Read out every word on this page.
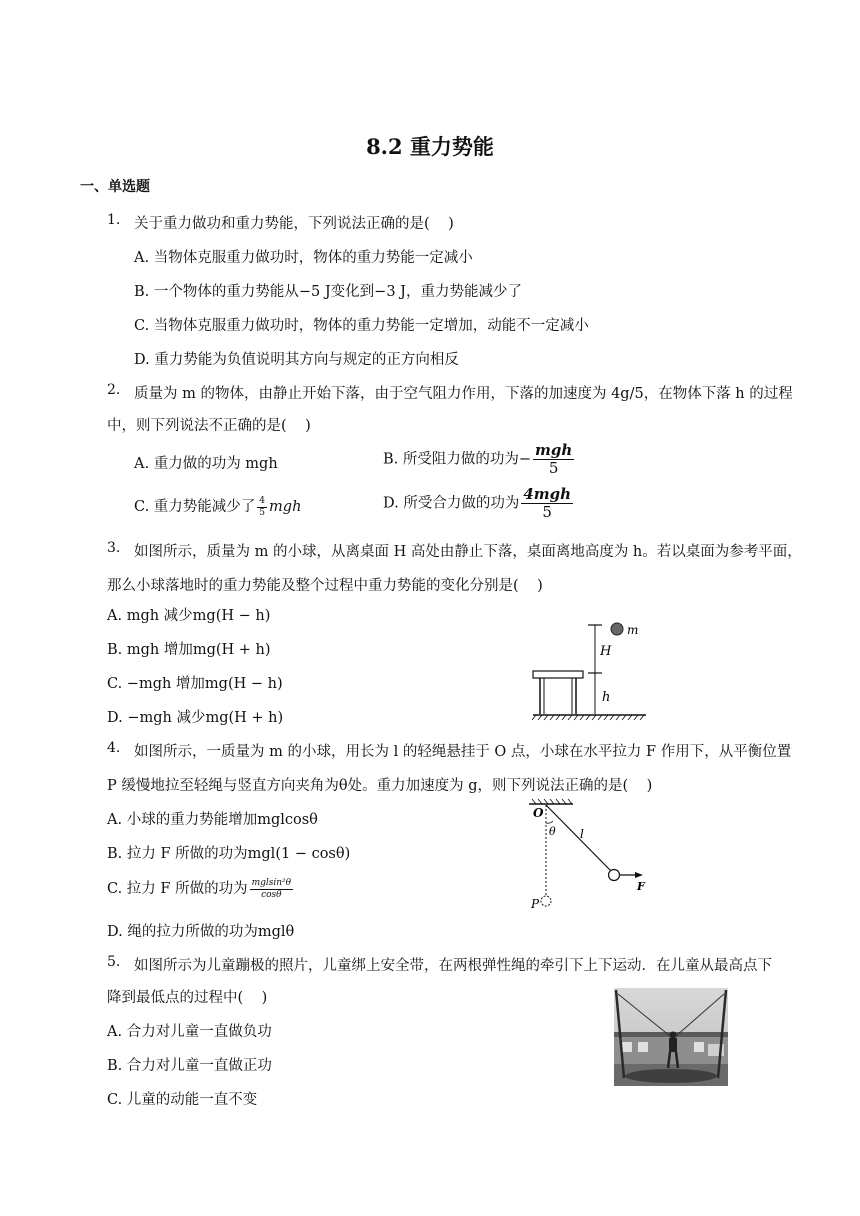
8.2 重力势能
一、单选题
1. 关于重力做功和重力势能，下列说法正确的是(    )
A. 当物体克服重力做功时，物体的重力势能一定减小
B. 一个物体的重力势能从−5 J变化到−3 J，重力势能减少了
C. 当物体克服重力做功时，物体的重力势能一定增加，动能不一定减小
D. 重力势能为负值说明其方向与规定的正方向相反
2. 质量为 m 的物体，由静止开始下落，由于空气阻力作用，下落的加速度为 4g/5，在物体下落 h 的过程
中，则下列说法不正确的是(    )
A. 重力做的功为 mgh	B. 所受阻力做的功为− $\frac{\text{mgh}}{5}$
C. 重力势能减少了 $\frac{4}{5}$ mgh	D. 所受合力做的功为 $\frac{\text{4mgh}}{5}$
3. 如图所示，质量为 m 的小球，从离桌面 H 高处由静止下落，桌面离地高度为 h。若以桌面为参考平面，
那么小球落地时的重力势能及整个过程中重力势能的变化分别是(    )
A. mgh 减少mg(H − h)
B. mgh 增加mg(H + h)
C. −mgh 增加mg(H − h)
D. −mgh 减少mg(H + h)
m
H
h
4. 如图所示，一质量为 m 的小球，用长为 l 的轻绳悬挂于 O 点，小球在水平拉力 F 作用下，从平衡位置
P 缓慢地拉至轻绳与竖直方向夹角为θ处。重力加速度为 g，则下列说法正确的是(    )
A. 小球的重力势能增加mglcosθ
B. 拉力 F 所做的功为mgl(1 − cosθ)
C. 拉力 F 所做的功为 $\frac{\text{mglsin²θ}}{\cos\theta}$
D. 绳的拉力所做的功为mglθ
O
θ l
F
P
5. 如图所示为儿童蹦极的照片，儿童绑上安全带，在两根弹性绳的牵引下上下运动．在儿童从最高点下
降到最低点的过程中(    )
A. 合力对儿童一直做负功
B. 合力对儿童一直做正功
C. 儿童的动能一直不变
